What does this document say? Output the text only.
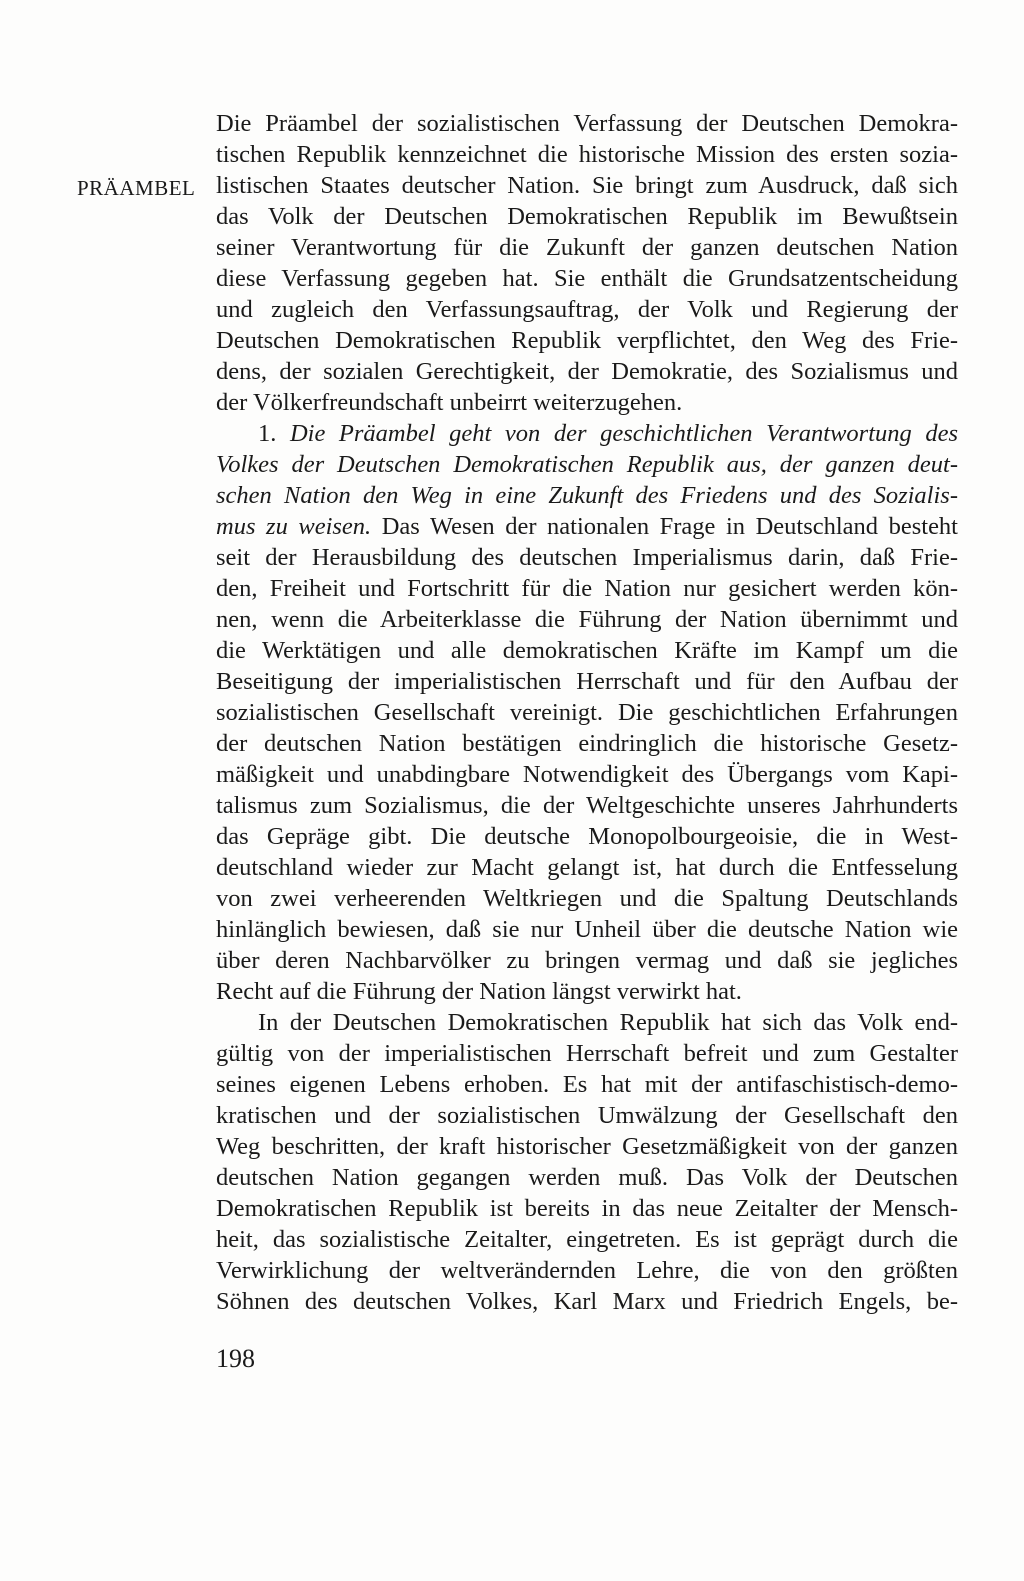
PRÄAMBEL
Die Präambel der sozialistischen Verfassung der Deutschen Demokra-
tischen Republik kennzeichnet die historische Mission des ersten sozia-
listischen Staates deutscher Nation. Sie bringt zum Ausdruck, daß sich
das Volk der Deutschen Demokratischen Republik im Bewußtsein
seiner Verantwortung für die Zukunft der ganzen deutschen Nation
diese Verfassung gegeben hat. Sie enthält die Grundsatzentscheidung
und zugleich den Verfassungsauftrag, der Volk und Regierung der
Deutschen Demokratischen Republik verpflichtet, den Weg des Frie-
dens, der sozialen Gerechtigkeit, der Demokratie, des Sozialismus und
der Völkerfreundschaft unbeirrt weiterzugehen.
1. Die Präambel geht von der geschichtlichen Verantwortung des
Volkes der Deutschen Demokratischen Republik aus, der ganzen deut-
schen Nation den Weg in eine Zukunft des Friedens und des Sozialis-
mus zu weisen. Das Wesen der nationalen Frage in Deutschland besteht
seit der Herausbildung des deutschen Imperialismus darin, daß Frie-
den, Freiheit und Fortschritt für die Nation nur gesichert werden kön-
nen, wenn die Arbeiterklasse die Führung der Nation übernimmt und
die Werktätigen und alle demokratischen Kräfte im Kampf um die
Beseitigung der imperialistischen Herrschaft und für den Aufbau der
sozialistischen Gesellschaft vereinigt. Die geschichtlichen Erfahrungen
der deutschen Nation bestätigen eindringlich die historische Gesetz-
mäßigkeit und unabdingbare Notwendigkeit des Übergangs vom Kapi-
talismus zum Sozialismus, die der Weltgeschichte unseres Jahrhunderts
das Gepräge gibt. Die deutsche Monopolbourgeoisie, die in West-
deutschland wieder zur Macht gelangt ist, hat durch die Entfesselung
von zwei verheerenden Weltkriegen und die Spaltung Deutschlands
hinlänglich bewiesen, daß sie nur Unheil über die deutsche Nation wie
über deren Nachbarvölker zu bringen vermag und daß sie jegliches
Recht auf die Führung der Nation längst verwirkt hat.
In der Deutschen Demokratischen Republik hat sich das Volk end-
gültig von der imperialistischen Herrschaft befreit und zum Gestalter
seines eigenen Lebens erhoben. Es hat mit der antifaschistisch-demo-
kratischen und der sozialistischen Umwälzung der Gesellschaft den
Weg beschritten, der kraft historischer Gesetzmäßigkeit von der ganzen
deutschen Nation gegangen werden muß. Das Volk der Deutschen
Demokratischen Republik ist bereits in das neue Zeitalter der Mensch-
heit, das sozialistische Zeitalter, eingetreten. Es ist geprägt durch die
Verwirklichung der weltverändernden Lehre, die von den größten
Söhnen des deutschen Volkes, Karl Marx und Friedrich Engels, be-
198
